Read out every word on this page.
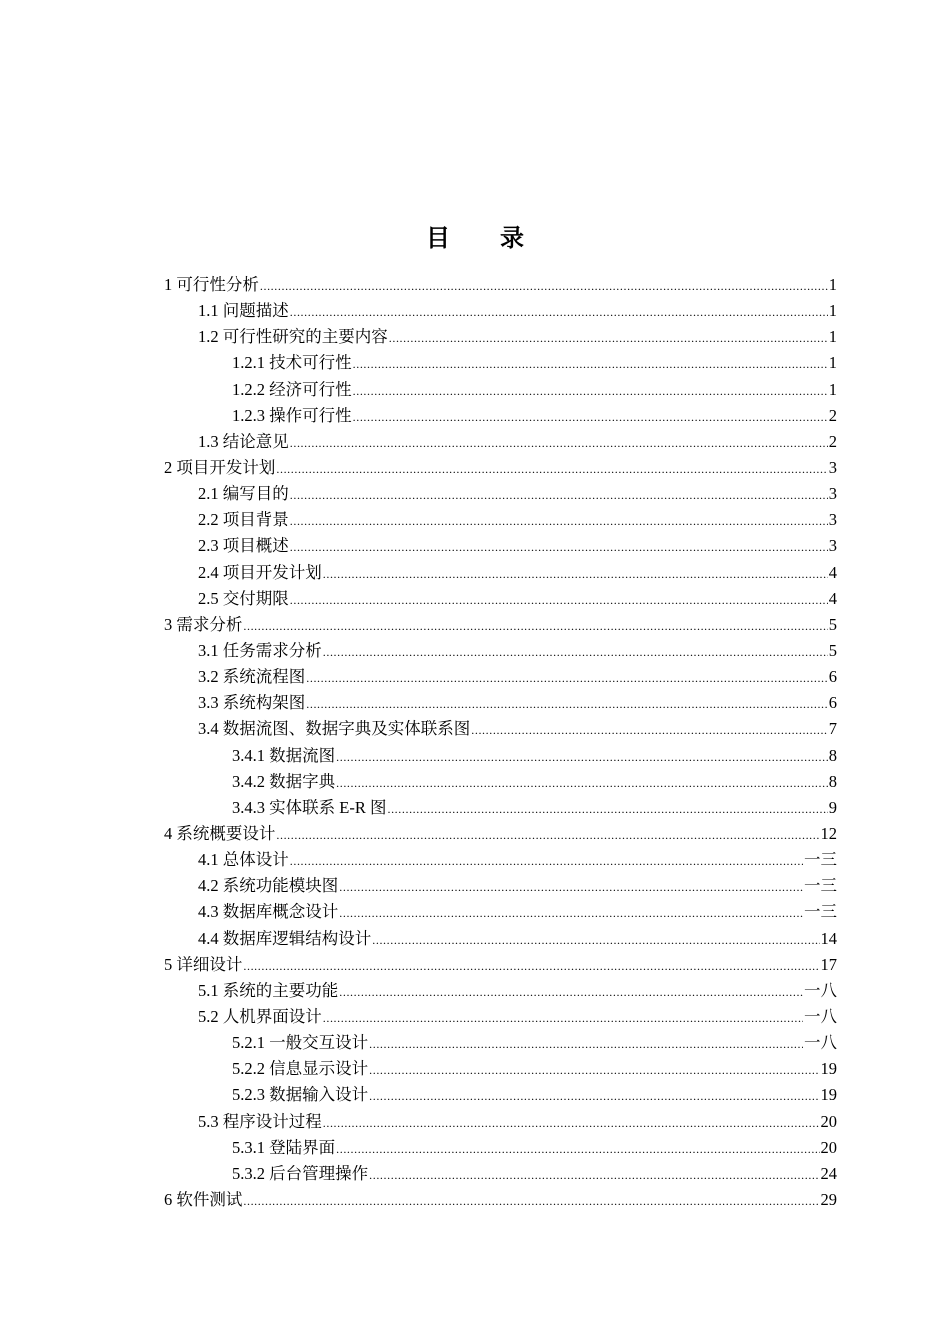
目 录
1 可行性分析 .....	1
1.1 问题描述 .....	1
1.2 可行性研究的主要内容 .....	1
1.2.1 技术可行性 .....	1
1.2.2 经济可行性 .....	1
1.2.3 操作可行性 .....	2
1.3 结论意见 .....	2
2 项目开发计划 .....	3
2.1 编写目的 .....	3
2.2 项目背景 .....	3
2.3 项目概述 .....	3
2.4 项目开发计划 .....	4
2.5 交付期限 .....	4
3 需求分析 .....	5
3.1 任务需求分析 .....	5
3.2 系统流程图 .....	6
3.3 系统构架图 .....	6
3.4 数据流图、数据字典及实体联系图 .....	7
3.4.1 数据流图 .....	8
3.4.2 数据字典 .....	8
3.4.3 实体联系 E-R 图 .....	9
4 系统概要设计 .....	12
4.1 总体设计 .....	一三
4.2 系统功能模块图 .....	一三
4.3 数据库概念设计 .....	一三
4.4 数据库逻辑结构设计 .....	14
5 详细设计 .....	17
5.1 系统的主要功能 .....	一八
5.2 人机界面设计 .....	一八
5.2.1 一般交互设计 .....	一八
5.2.2 信息显示设计 .....	19
5.2.3 数据输入设计 .....	19
5.3 程序设计过程 .....	20
5.3.1 登陆界面 .....	20
5.3.2 后台管理操作 .....	24
6 软件测试 .....	29
